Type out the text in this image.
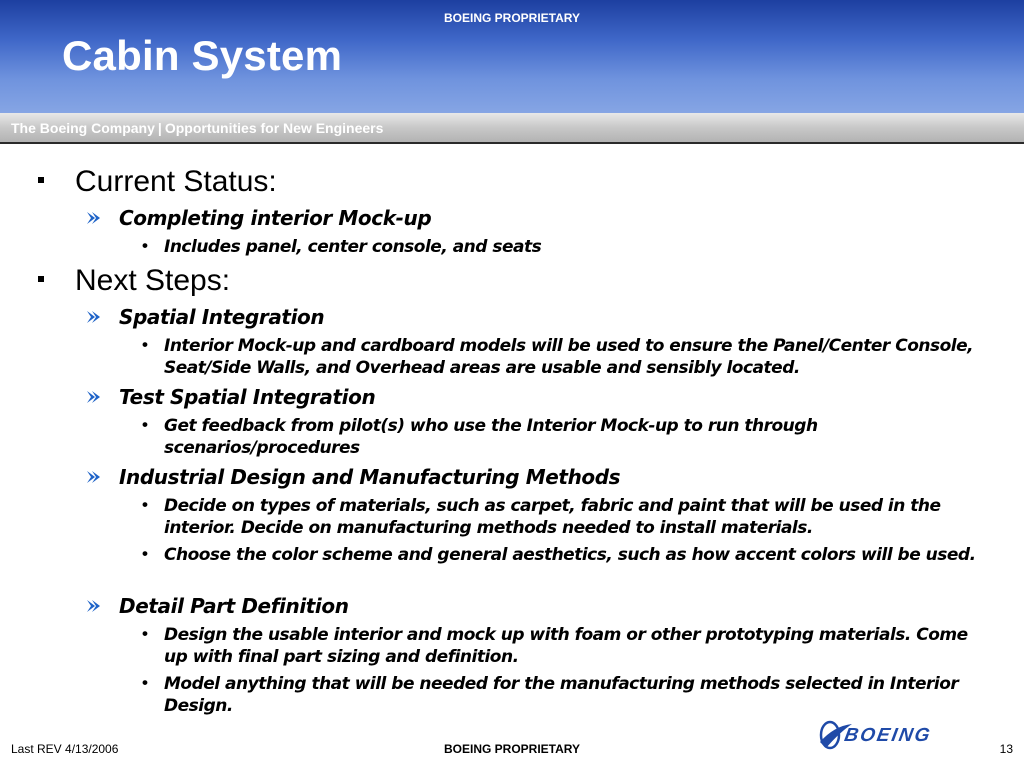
BOEING PROPRIETARY
Cabin System
The Boeing Company | Opportunities for New Engineers
Current Status:
Completing interior Mock-up
• Includes panel, center console, and seats
Next Steps:
Spatial Integration
• Interior Mock-up and cardboard models will be used to ensure the Panel/Center Console, Seat/Side Walls, and Overhead areas are usable and sensibly located.
Test Spatial Integration
• Get feedback from pilot(s) who use the Interior Mock-up to run through scenarios/procedures
Industrial Design and Manufacturing Methods
• Decide on types of materials, such as carpet, fabric and paint that will be used in the interior. Decide on manufacturing methods needed to install materials.
• Choose the color scheme and general aesthetics, such as how accent colors will be used.
Detail Part Definition
• Design the usable interior and mock up with foam or other prototyping materials. Come up with final part sizing and definition.
• Model anything that will be needed for the manufacturing methods selected in Interior Design.
Last REV 4/13/2006	BOEING PROPRIETARY	13
BOEING
